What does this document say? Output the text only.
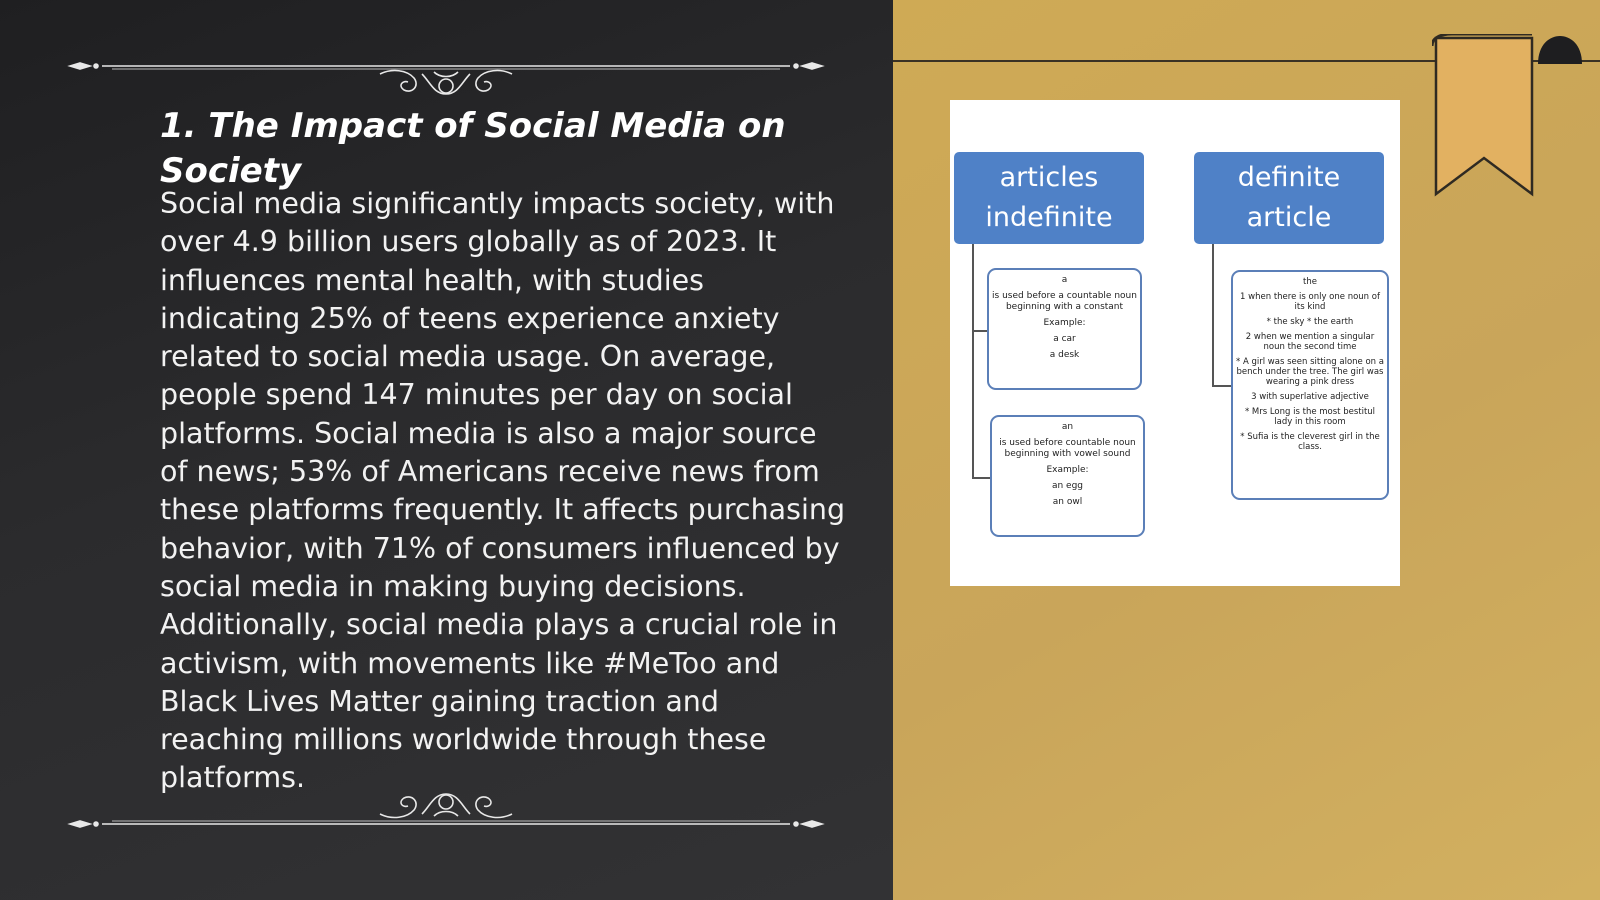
1. The Impact of Social Media on Society

Social media significantly impacts society, with over 4.9 billion users globally as of 2023. It influences mental health, with studies indicating 25% of teens experience anxiety related to social media usage. On average, people spend 147 minutes per day on social platforms. Social media is also a major source of news; 53% of Americans receive news from these platforms frequently. It affects purchasing behavior, with 71% of consumers influenced by social media in making buying decisions. Additionally, social media plays a crucial role in activism, with movements like #MeToo and Black Lives Matter gaining traction and reaching millions worldwide through these platforms.

articles
indefinite
definite
article
a
is used before a countable noun beginning with a constant
Example:
a car
a desk
an
is used before countable noun beginning with vowel sound
Example:
an egg
an owl
the
1 when there is only one noun of its kind
* the sky * the earth
2 when we mention a singular noun the second time
* A girl was seen sitting alone on a bench under the tree. The girl was wearing a pink dress
3 with superlative adjective
* Mrs Long is the most bestitul lady in this room
* Sufia is the cleverest girl in the class.
